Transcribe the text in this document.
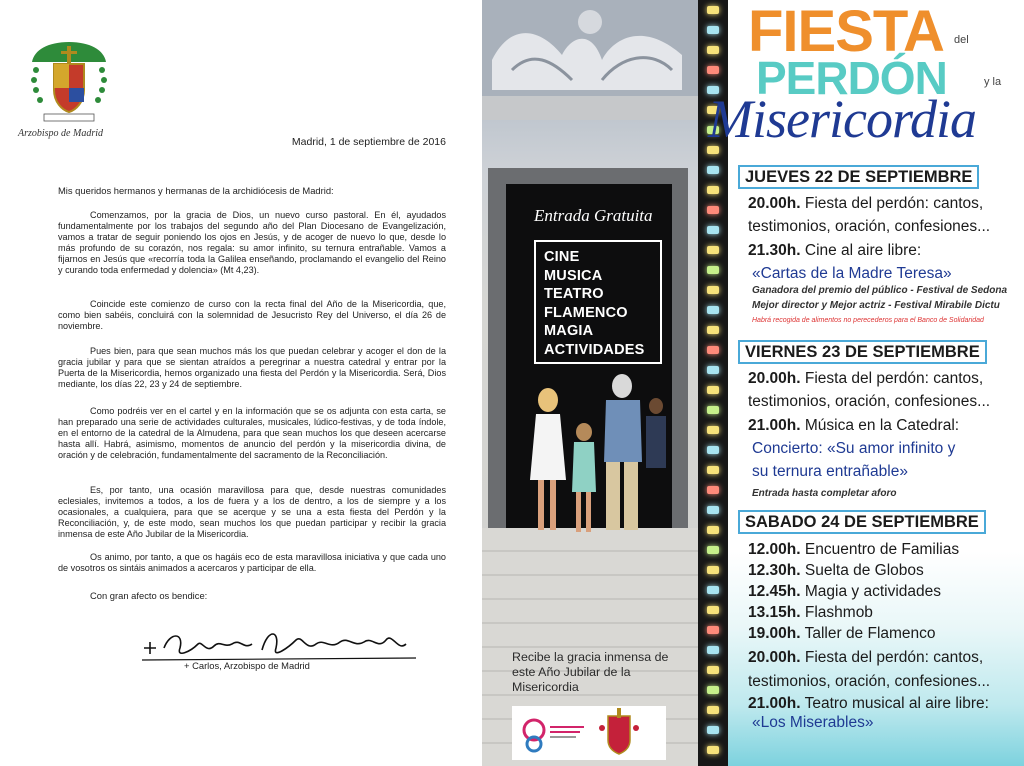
Arzobispo de Madrid
Madrid, 1 de septiembre de 2016
Mis queridos hermanos y hermanas de la archidiócesis de Madrid:

Comenzamos, por la gracia de Dios, un nuevo curso pastoral. En él, ayudados fundamentalmente por los trabajos del segundo año del Plan Diocesano de Evangelización, vamos a tratar de seguir poniendo los ojos en Jesús, y de acoger de nuevo lo que, desde lo más profundo de su corazón, nos regala: su amor infinito, su ternura entrañable. Vamos a fijarnos en Jesús que «recorría toda la Galilea enseñando, proclamando el evangelio del Reino y curando toda enfermedad y dolencia» (Mt 4,23).

Coincide este comienzo de curso con la recta final del Año de la Misericordia, que, como bien sabéis, concluirá con la solemnidad de Jesucristo Rey del Universo, el día 26 de noviembre.

Pues bien, para que sean muchos más los que puedan celebrar y acoger el don de la gracia jubilar y para que se sientan atraídos a peregrinar a nuestra catedral y entrar por la Puerta de la Misericordia, hemos organizado una fiesta del Perdón y la Misericordia. Será, Dios mediante, los días 22, 23 y 24 de septiembre.

Como podréis ver en el cartel y en la información que se os adjunta con esta carta, se han preparado una serie de actividades culturales, musicales, lúdico-festivas, y de toda índole, en el entorno de la catedral de la Almudena, para que sean muchos los que deseen acercarse hasta allí. Habrá, asimismo, momentos de anuncio del perdón y la misericordia divina, de oración y de celebración, fundamentalmente del sacramento de la Reconciliación.

Es, por tanto, una ocasión maravillosa para que, desde nuestras comunidades eclesiales, invitemos a todos, a los de fuera y a los de dentro, a los de siempre y a los ocasionales, a cualquiera, para que se acerque y se una a esta fiesta del Perdón y la Reconciliación, y, de este modo, sean muchos los que puedan participar y recibir la gracia inmensa de este Año Jubilar de la Misericordia.

Os animo, por tanto, a que os hagáis eco de esta maravillosa iniciativa y que cada uno de vosotros os sintáis animados a acercaros y participar de ella.

Con gran afecto os bendice:
+ Carlos, Arzobispo de Madrid
Entrada Gratuita
CINE
MUSICA
TEATRO
FLAMENCO
MAGIA
ACTIVIDADES
Recibe la gracia inmensa de este Año Jubilar de la Misericordia
FIESTA del
PERDÓN	y la
Misericordia
JUEVES 22 DE SEPTIEMBRE
20.00h. Fiesta del perdón: cantos,
testimonios, oración, confesiones...
21.30h. Cine al aire libre:
«Cartas de la Madre Teresa»
Ganadora del premio del público - Festival de Sedona
Mejor director y Mejor actriz - Festival Mirabile Dictu
Habrá recogida de alimentos no perecederos para el Banco de Solidaridad
VIERNES 23 DE SEPTIEMBRE
20.00h. Fiesta del perdón: cantos,
testimonios, oración, confesiones...
21.00h. Música en la Catedral:
Concierto: «Su amor infinito y
su ternura entrañable»
Entrada hasta completar aforo
SABADO 24 DE SEPTIEMBRE
12.00h. Encuentro de Familias
12.30h. Suelta de Globos
12.45h. Magia y actividades
13.15h. Flashmob
19.00h. Taller de Flamenco
20.00h. Fiesta del perdón: cantos,
testimonios, oración, confesiones...
21.00h. Teatro musical al aire libre:
«Los Miserables»
